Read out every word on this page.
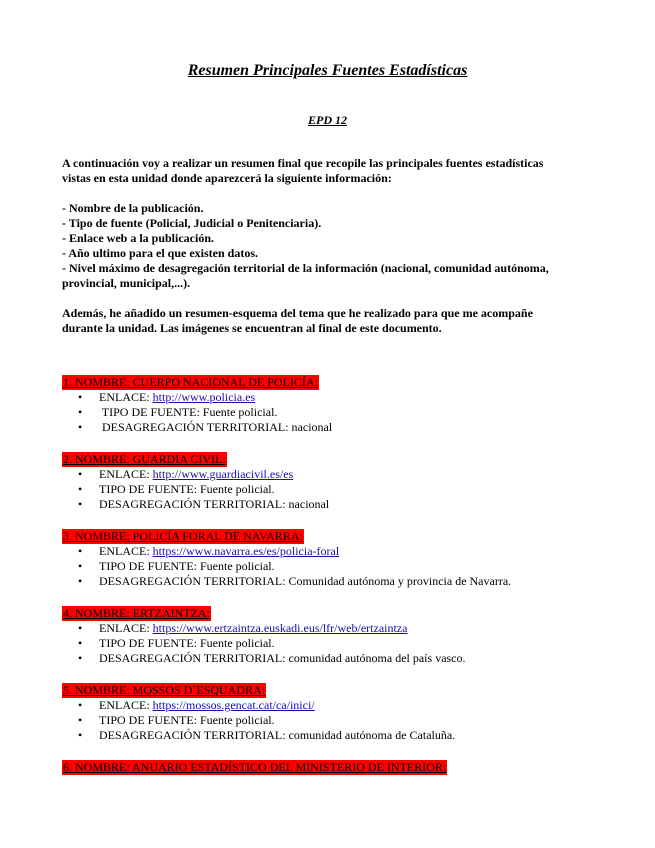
Resumen Principales Fuentes Estadísticas
EPD 12

A continuación voy a realizar un resumen final que recopile las principales fuentes estadísticas

vistas en esta unidad donde aparezcerá la siguiente información:

- Nombre de la publicación.

- Tipo de fuente (Policial, Judicial o Penitenciaria).

- Enlace web a la publicación.

- Año ultimo para el que existen datos.

- Nivel máximo de desagregación territorial de la información (nacional, comunidad autónoma,

provincial, municipal,...).

Además, he añadido un resumen-esquema del tema que he realizado para que me acompañe

durante la unidad. Las imágenes se encuentran al final de este documento.

1. NOMBRE: CUERPO NACIONAL DE POLICÍA:
• ENLACE: http://www.policia.es
• TIPO DE FUENTE: Fuente policial.
• DESAGREGACIÓN TERRITORIAL: nacional
2. NOMBRE: GUARDIA CIVIL:
• ENLACE: http://www.guardiacivil.es/es
• TIPO DE FUENTE: Fuente policial.
• DESAGREGACIÓN TERRITORIAL: nacional
3. NOMBRE: POLICÍA FORAL DE NAVARRA:
• ENLACE: https://www.navarra.es/es/policia-foral
• TIPO DE FUENTE: Fuente policial.
• DESAGREGACIÓN TERRITORIAL: Comunidad autónoma y provincia de Navarra.
4. NOMBRE: ERTZAINTZA:
• ENLACE: https://www.ertzaintza.euskadi.eus/lfr/web/ertzaintza
• TIPO DE FUENTE: Fuente policial.
• DESAGREGACIÓN TERRITORIAL: comunidad autónoma del país vasco.
5. NOMBRE: MOSSOS D´ESQUADRA:
• ENLACE: https://mossos.gencat.cat/ca/inici/
• TIPO DE FUENTE: Fuente policial.
• DESAGREGACIÓN TERRITORIAL: comunidad autónoma de Cataluña.
6. NOMBRE: ANUARIO ESTADÍSTICO DEL MINISTERIO DE INTERIOR:
